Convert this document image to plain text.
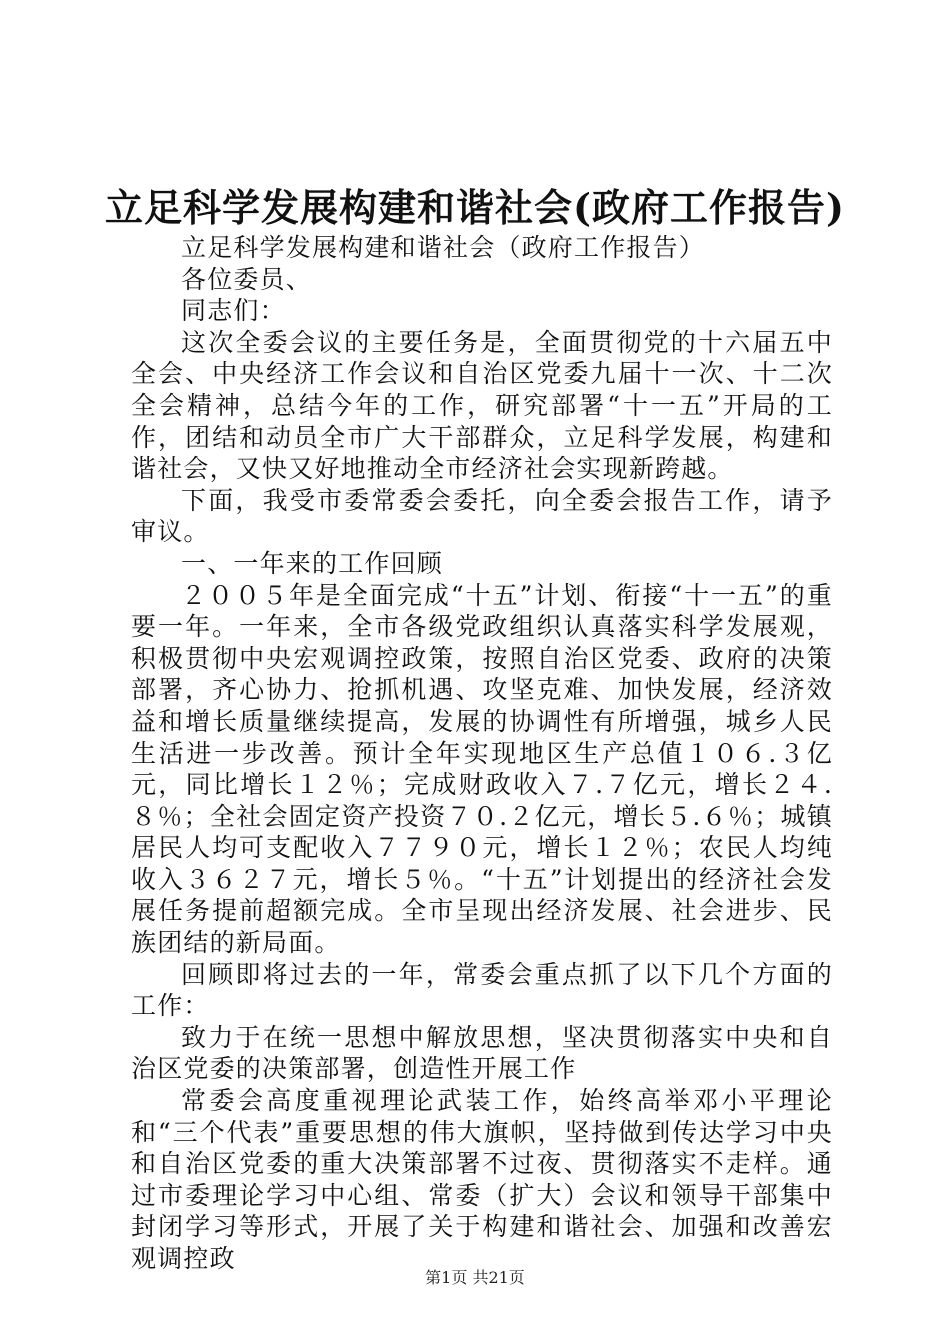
立足科学发展构建和谐社会(政府工作报告)

立足科学发展构建和谐社会（政府工作报告）

各位委员、

同志们：

这次全委会议的主要任务是，全面贯彻党的十六届五中全会、中央经济工作会议和自治区党委九届十一次、十二次全会精神，总结今年的工作，研究部署“十一五”开局的工作，团结和动员全市广大干部群众，立足科学发展，构建和谐社会，又快又好地推动全市经济社会实现新跨越。

下面，我受市委常委会委托，向全委会报告工作，请予审议。

一、一年来的工作回顾

２００５年是全面完成“十五”计划、衔接“十一五”的重要一年。一年来，全市各级党政组织认真落实科学发展观，积极贯彻中央宏观调控政策，按照自治区党委、政府的决策部署，齐心协力、抢抓机遇、攻坚克难、加快发展，经济效益和增长质量继续提高，发展的协调性有所增强，城乡人民生活进一步改善。预计全年实现地区生产总值１０６.３亿元，同比增长１２％；完成财政收入７.７亿元，增长２４.８％；全社会固定资产投资７０.２亿元，增长５.６％；城镇居民人均可支配收入７７９０元，增长１２％；农民人均纯收入３６２７元，增长５％。“十五”计划提出的经济社会发展任务提前超额完成。全市呈现出经济发展、社会进步、民族团结的新局面。

回顾即将过去的一年，常委会重点抓了以下几个方面的工作：

致力于在统一思想中解放思想，坚决贯彻落实中央和自治区党委的决策部署，创造性开展工作

常委会高度重视理论武装工作，始终高举邓小平理论和“三个代表”重要思想的伟大旗帜，坚持做到传达学习中央和自治区党委的重大决策部署不过夜、贯彻落实不走样。通过市委理论学习中心组、常委（扩大）会议和领导干部集中封闭学习等形式，开展了关于构建和谐社会、加强和改善宏观调控政

第1页 共21页
